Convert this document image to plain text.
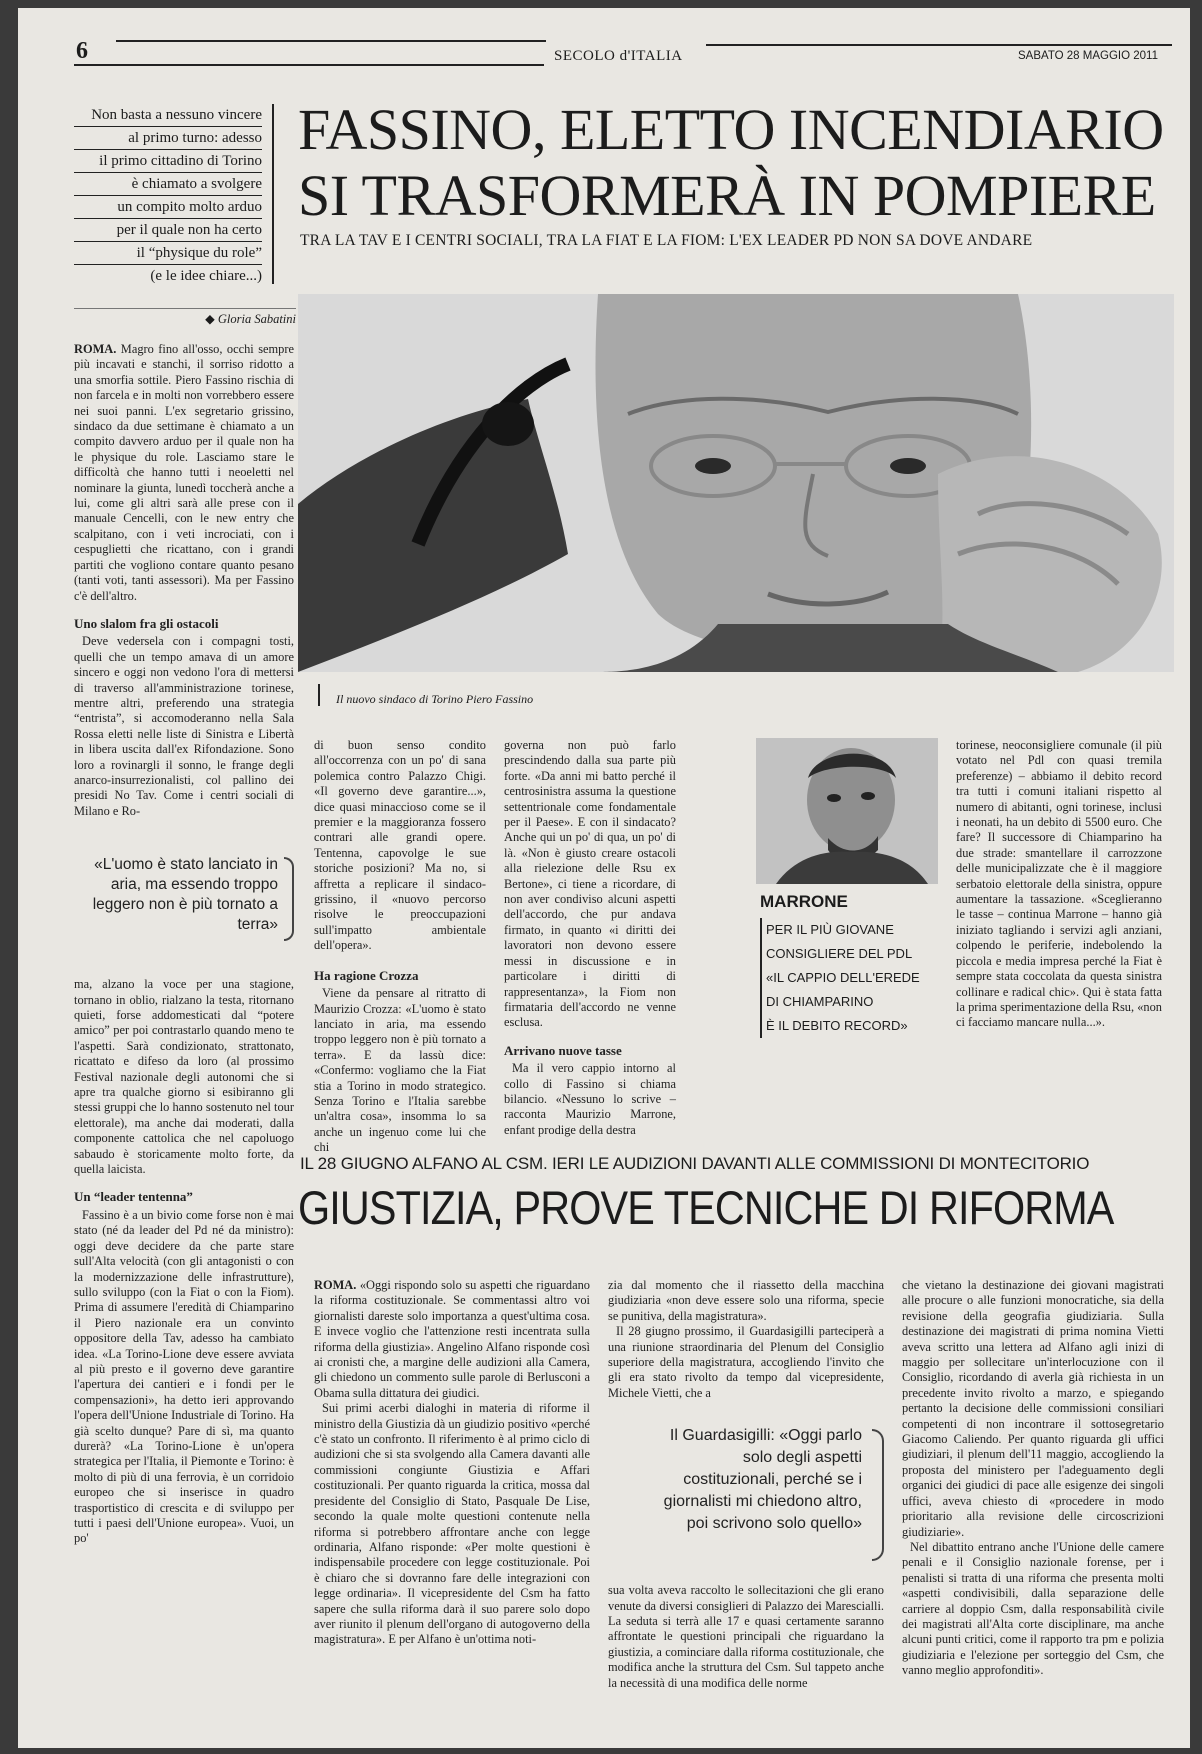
6	SECOLO d'ITALIA	SABATO 28 MAGGIO 2011
Non basta a nessuno vincere
al primo turno: adesso
il primo cittadino di Torino
è chiamato a svolgere
un compito molto arduo
per il quale non ha certo
il “physique du role”
(e le idee chiare...)
FASSINO, ELETTO INCENDIARIO
SI TRASFORMERÀ IN POMPIERE
TRA LA TAV E I CENTRI SOCIALI, TRA LA FIAT E LA FIOM: L'EX LEADER PD NON SA DOVE ANDARE
◆ Gloria Sabatini
Il nuovo sindaco di Torino Piero Fassino

ROMA. Magro fino all'osso, occhi sempre più incavati e stanchi, il sorriso ridotto a una smorfia sottile. Piero Fassino rischia di non farcela e in molti non vorrebbero essere nei suoi panni. L'ex segretario grissino, sindaco da due settimane è chiamato a un compito davvero arduo per il quale non ha le physique du role. Lasciamo stare le difficoltà che hanno tutti i neoeletti nel nominare la giunta, lunedì toccherà anche a lui, come gli altri sarà alle prese con il manuale Cencelli, con le new entry che scalpitano, con i veti incrociati, con i cespuglietti che ricattano, con i grandi partiti che vogliono contare quanto pesano (tanti voti, tanti assessori). Ma per Fassino c'è dell'altro.

Uno slalom fra gli ostacoli

Deve vedersela con i compagni tosti, quelli che un tempo amava di un amore sincero e oggi non vedono l'ora di mettersi di traverso all'amministrazione torinese, mentre altri, preferendo una strategia “entrista”, si accomoderanno nella Sala Rossa eletti nelle liste di Sinistra e Libertà in libera uscita dall'ex Rifondazione. Sono loro a rovinargli il sonno, le frange degli anarco-insurrezionalisti, col pallino dei presidi No Tav. Come i centri sociali di Milano e Ro-

«L'uomo è stato lanciato in aria, ma essendo troppo leggero non è più tornato a terra»

ma, alzano la voce per una stagione, tornano in oblio, rialzano la testa, ritornano quieti, forse addomesticati dal “potere amico” per poi contrastarlo quando meno te l'aspetti. Sarà condizionato, strattonato, ricattato e difeso da loro (al prossimo Festival nazionale degli autonomi che si apre tra qualche giorno si esibiranno gli stessi gruppi che lo hanno sostenuto nel tour elettorale), ma anche dai moderati, dalla componente cattolica che nel capoluogo sabaudo è storicamente molto forte, da quella laicista.

Un “leader tentenna”

Fassino è a un bivio come forse non è mai stato (né da leader del Pd né da ministro): oggi deve decidere da che parte stare sull'Alta velocità (con gli antagonisti o con la modernizzazione delle infrastrutture), sullo sviluppo (con la Fiat o con la Fiom). Prima di assumere l'eredità di Chiamparino il Piero nazionale era un convinto oppositore della Tav, adesso ha cambiato idea. «La Torino-Lione deve essere avviata al più presto e il governo deve garantire l'apertura dei cantieri e i fondi per le compensazioni», ha detto ieri approvando l'opera dell'Unione Industriale di Torino. Ha già scelto dunque? Pare di sì, ma quanto durerà? «La Torino-Lione è un'opera strategica per l'Italia, il Piemonte e Torino: è molto di più di una ferrovia, è un corridoio europeo che si inserisce in quadro trasportistico di crescita e di sviluppo per tutti i paesi dell'Unione europea». Vuoi, un po'

di buon senso condito all'occorrenza con un po' di sana polemica contro Palazzo Chigi. «Il governo deve garantire...», dice quasi minaccioso come se il premier e la maggioranza fossero contrari alle grandi opere. Tentenna, capovolge le sue storiche posizioni? Ma no, si affretta a replicare il sindaco-grissino, il «nuovo percorso risolve le preoccupazioni sull'impatto ambientale dell'opera».

Ha ragione Crozza

Viene da pensare al ritratto di Maurizio Crozza: «L'uomo è stato lanciato in aria, ma essendo troppo leggero non è più tornato a terra». E da lassù dice: «Confermo: vogliamo che la Fiat stia a Torino in modo strategico. Senza Torino e l'Italia sarebbe un'altra cosa», insomma lo sa anche un ingenuo come lui che chi

governa non può farlo prescindendo dalla sua parte più forte. «Da anni mi batto perché il centrosinistra assuma la questione settentrionale come fondamentale per il Paese». E con il sindacato? Anche qui un po' di qua, un po' di là. «Non è giusto creare ostacoli alla rielezione delle Rsu ex Bertone», ci tiene a ricordare, di non aver condiviso alcuni aspetti dell'accordo, che pur andava firmato, in quanto «i diritti dei lavoratori non devono essere messi in discussione e in particolare i diritti di rappresentanza», la Fiom non firmataria dell'accordo ne venne esclusa.

Arrivano nuove tasse

Ma il vero cappio intorno al collo di Fassino si chiama bilancio. «Nessuno lo scrive – racconta Maurizio Marrone, enfant prodige della destra

MARRONE
PER IL PIÙ GIOVANE
CONSIGLIERE DEL PDL
«IL CAPPIO DELL'EREDE
DI CHIAMPARINO
È IL DEBITO RECORD»

torinese, neoconsigliere comunale (il più votato nel Pdl con quasi tremila preferenze) – abbiamo il debito record tra tutti i comuni italiani rispetto al numero di abitanti, ogni torinese, inclusi i neonati, ha un debito di 5500 euro. Che fare? Il successore di Chiamparino ha due strade: smantellare il carrozzone delle municipalizzate che è il maggiore serbatoio elettorale della sinistra, oppure aumentare la tassazione. «Sceglieranno le tasse – continua Marrone – hanno già iniziato tagliando i servizi agli anziani, colpendo le periferie, indebolendo la piccola e media impresa perché la Fiat è sempre stata coccolata da questa sinistra collinare e radical chic». Qui è stata fatta la prima sperimentazione della Rsu, «non ci facciamo mancare nulla...».

IL 28 GIUGNO ALFANO AL CSM. IERI LE AUDIZIONI DAVANTI ALLE COMMISSIONI DI MONTECITORIO
GIUSTIZIA, PROVE TECNICHE DI RIFORMA

ROMA. «Oggi rispondo solo su aspetti che riguardano la riforma costituzionale. Se commentassi altro voi giornalisti dareste solo importanza a quest'ultima cosa. E invece voglio che l'attenzione resti incentrata sulla riforma della giustizia». Angelino Alfano risponde così ai cronisti che, a margine delle audizioni alla Camera, gli chiedono un commento sulle parole di Berlusconi a Obama sulla dittatura dei giudici.

Sui primi acerbi dialoghi in materia di riforme il ministro della Giustizia dà un giudizio positivo «perché c'è stato un confronto. Il riferimento è al primo ciclo di audizioni che si sta svolgendo alla Camera davanti alle commissioni congiunte Giustizia e Affari costituzionali. Per quanto riguarda la critica, mossa dal presidente del Consiglio di Stato, Pasquale De Lise, secondo la quale molte questioni contenute nella riforma si potrebbero affrontare anche con legge ordinaria, Alfano risponde: «Per molte questioni è indispensabile procedere con legge costituzionale. Poi è chiaro che si dovranno fare delle integrazioni con legge ordinaria». Il vicepresidente del Csm ha fatto sapere che sulla riforma darà il suo parere solo dopo aver riunito il plenum dell'organo di autogoverno della magistratura». E per Alfano è un'ottima noti-

zia dal momento che il riassetto della macchina giudiziaria «non deve essere solo una riforma, specie se punitiva, della magistratura».

Il 28 giugno prossimo, il Guardasigilli parteciperà a una riunione straordinaria del Plenum del Consiglio superiore della magistratura, accogliendo l'invito che gli era stato rivolto da tempo dal vicepresidente, Michele Vietti, che a

Il Guardasigilli: «Oggi parlo solo degli aspetti costituzionali, perché se i giornalisti mi chiedono altro, poi scrivono solo quello»

sua volta aveva raccolto le sollecitazioni che gli erano venute da diversi consiglieri di Palazzo dei Marescialli. La seduta si terrà alle 17 e quasi certamente saranno affrontate le questioni principali che riguardano la giustizia, a cominciare dalla riforma costituzionale, che modifica anche la struttura del Csm. Sul tappeto anche la necessità di una modifica delle norme

che vietano la destinazione dei giovani magistrati alle procure o alle funzioni monocratiche, sia della revisione della geografia giudiziaria. Sulla destinazione dei magistrati di prima nomina Vietti aveva scritto una lettera ad Alfano agli inizi di maggio per sollecitare un'interlocuzione con il Consiglio, ricordando di averla già richiesta in un precedente invito rivolto a marzo, e spiegando pertanto la decisione delle commissioni consiliari competenti di non incontrare il sottosegretario Giacomo Caliendo. Per quanto riguarda gli uffici giudiziari, il plenum dell'11 maggio, accogliendo la proposta del ministero per l'adeguamento degli organici dei giudici di pace alle esigenze dei singoli uffici, aveva chiesto di «procedere in modo prioritario alla revisione delle circoscrizioni giudiziarie».

Nel dibattito entrano anche l'Unione delle camere penali e il Consiglio nazionale forense, per i penalisti si tratta di una riforma che presenta molti «aspetti condivisibili, dalla separazione delle carriere al doppio Csm, dalla responsabilità civile dei magistrati all'Alta corte disciplinare, ma anche alcuni punti critici, come il rapporto tra pm e polizia giudiziaria e l'elezione per sorteggio del Csm, che vanno meglio approfonditi».
